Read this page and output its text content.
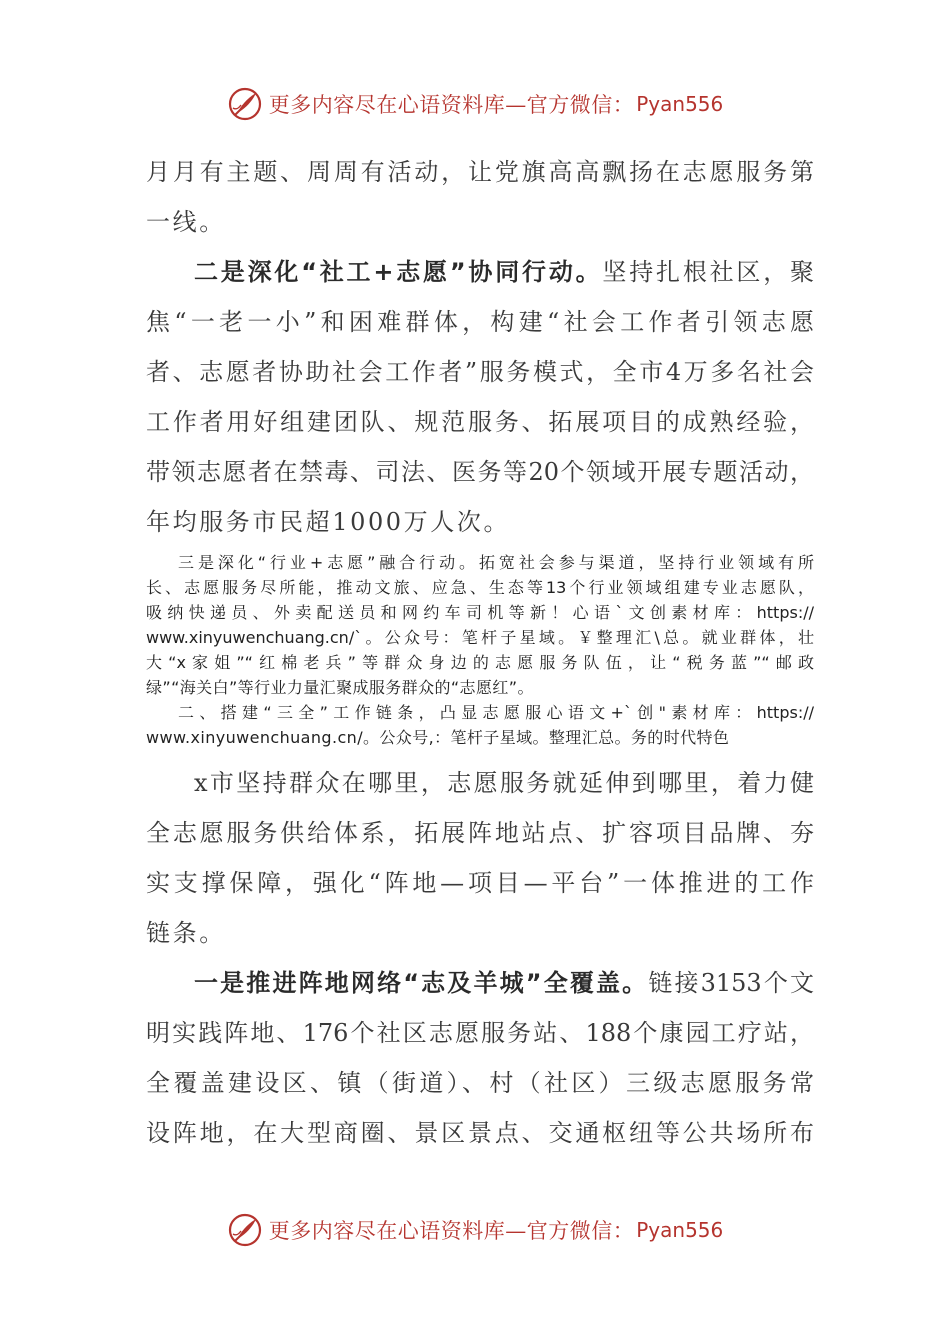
更多内容尽在心语资料库—官方微信： Pyan556
月月有主题、周周有活动，让党旗高高飘扬在志愿服务第
一线。
二是深化“社工+志愿”协同行动。坚持扎根社区，聚
焦“一老一小”和困难群体，构建“社会工作者引领志愿
者、志愿者协助社会工作者”服务模式，全市4万多名社会
工作者用好组建团队、规范服务、拓展项目的成熟经验，
带领志愿者在禁毒、司法、医务等20个领域开展专题活动，
年均服务市民超1000万人次。
三是深化“行业+志愿”融合行动。拓宽社会参与渠道，坚持行业领域有所
长、志愿服务尽所能，推动文旅、应急、生态等13个行业领域组建专业志愿队，
吸纳快递员、外卖配送员和网约车司机等新！心语`文创素材库：https://
www.xinyuwenchuang.cn/`。公众号：笔杆子星域。￥整理汇\总。就业群体，壮
大“x家姐”“红棉老兵”等群众身边的志愿服务队伍，让“税务蓝”“邮政
绿”“海关白”等行业力量汇聚成服务群众的“志愿红”。
二、搭建“三全”工作链条，凸显志愿服心语文+`创"素材库：https://
www.xinyuwenchuang.cn/。公众号,：笔杆子星域。整理汇总。务的时代特色
x市坚持群众在哪里，志愿服务就延伸到哪里，着力健
全志愿服务供给体系，拓展阵地站点、扩容项目品牌、夯
实支撑保障，强化“阵地—项目—平台”一体推进的工作
链条。
一是推进阵地网络“志及羊城”全覆盖。链接3153个文
明实践阵地、176个社区志愿服务站、188个康园工疗站，
全覆盖建设区、镇（街道）、村（社区）三级志愿服务常
设阵地，在大型商圈、景区景点、交通枢纽等公共场所布
更多内容尽在心语资料库—官方微信： Pyan556
